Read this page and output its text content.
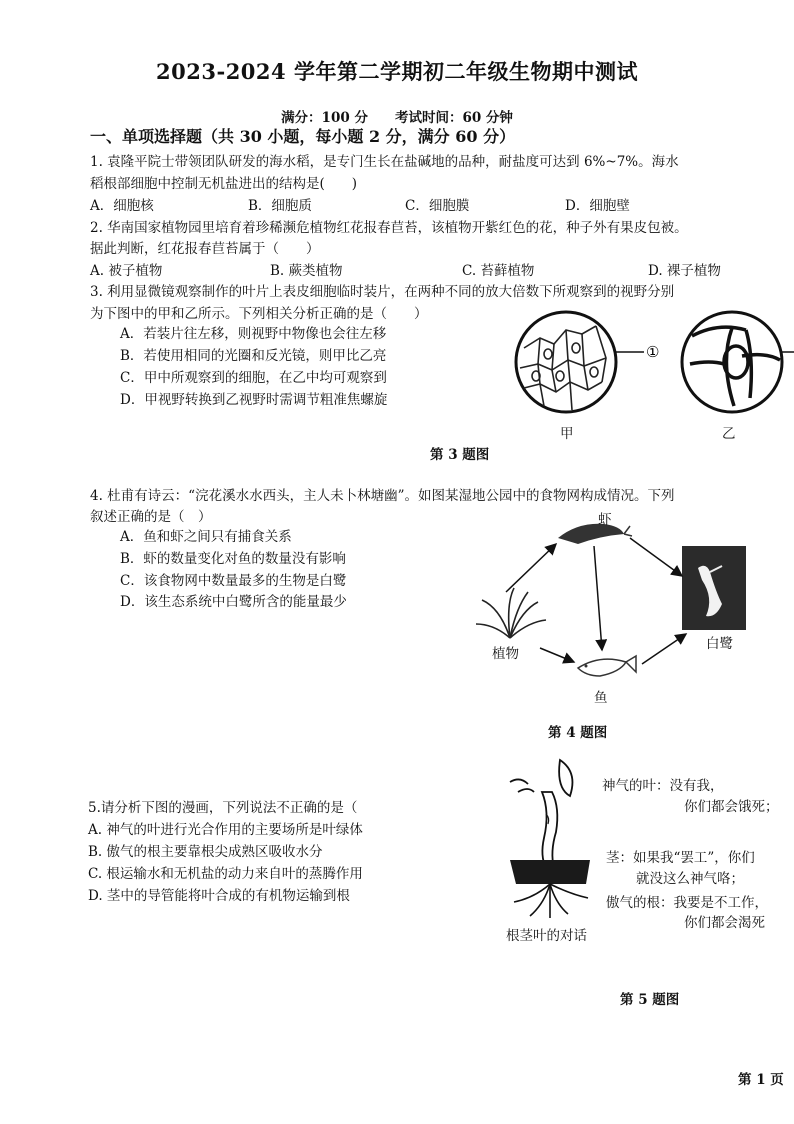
2023-2024 学年第二学期初二年级生物期中测试
满分：100 分　　考试时间：60 分钟
一、单项选择题（共 30 小题，每小题 2 分，满分 60 分）
1. 袁隆平院士带领团队研发的海水稻，是专门生长在盐碱地的品种，耐盐度可达到 6%~7%。海水
稻根部细胞中控制无机盐进出的结构是(　　)
A．细胞核	B．细胞质	C．细胞膜	D．细胞壁
2. 华南国家植物园里培育着珍稀濒危植物红花报春苣苔，该植物开紫红色的花，种子外有果皮包被。
据此判断，红花报春苣苔属于（　　）
A. 被子植物	B. 蕨类植物	C. 苔藓植物	D. 裸子植物
3. 利用显微镜观察制作的叶片上表皮细胞临时装片，在两种不同的放大倍数下所观察到的视野分别
为下图中的甲和乙所示。下列相关分析正确的是（　　）
A．若装片往左移，则视野中物像也会往左移
B．若使用相同的光圈和反光镜，则甲比乙亮
C．甲中所观察到的细胞，在乙中均可观察到
D．甲视野转换到乙视野时需调节粗准焦螺旋
①
甲	乙
第 3 题图
4. 杜甫有诗云：“浣花溪水水西头，主人未卜林塘幽”。如图某湿地公园中的食物网构成情况。下列
叙述正确的是（　）
A．鱼和虾之间只有捕食关系
B．虾的数量变化对鱼的数量没有影响
C．该食物网中数量最多的生物是白鹭
D．该生态系统中白鹭所含的能量最少
虾
植物
白鹭
鱼
第 4 题图
5.请分析下图的漫画，下列说法不正确的是（
A. 神气的叶进行光合作用的主要场所是叶绿体
B. 傲气的根主要靠根尖成熟区吸收水分
C. 根运输水和无机盐的动力来自叶的蒸腾作用
D. 茎中的导管能将叶合成的有机物运输到根
神气的叶：没有我，
你们都会饿死；
茎：如果我“罢工”，你们
就没这么神气咯；
傲气的根：我要是不工作，
你们都会渴死
根茎叶的对话
第 5 题图
第 1 页
